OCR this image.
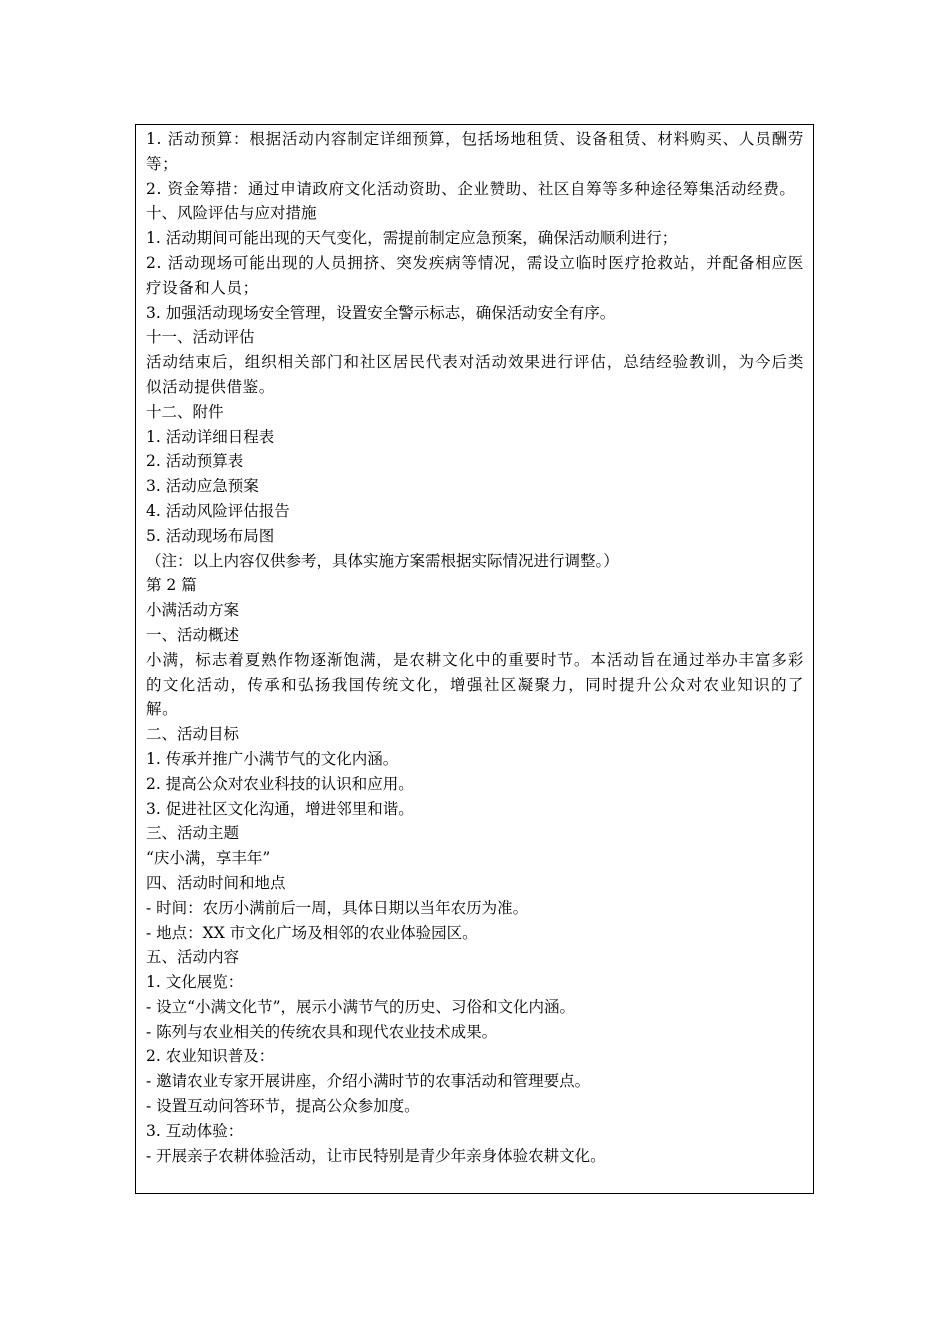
1. 活动预算：根据活动内容制定详细预算，包括场地租赁、设备租赁、材料购买、人员酬劳等；
2. 资金筹措：通过申请政府文化活动资助、企业赞助、社区自筹等多种途径筹集活动经费。
十、风险评估与应对措施
1. 活动期间可能出现的天气变化，需提前制定应急预案，确保活动顺利进行；
2. 活动现场可能出现的人员拥挤、突发疾病等情况，需设立临时医疗抢救站，并配备相应医疗设备和人员；
3. 加强活动现场安全管理，设置安全警示标志，确保活动安全有序。
十一、活动评估
活动结束后，组织相关部门和社区居民代表对活动效果进行评估，总结经验教训，为今后类似活动提供借鉴。
十二、附件
1. 活动详细日程表
2. 活动预算表
3. 活动应急预案
4. 活动风险评估报告
5. 活动现场布局图
（注：以上内容仅供参考，具体实施方案需根据实际情况进行调整。）
第 2 篇
小满活动方案
一、活动概述
小满，标志着夏熟作物逐渐饱满，是农耕文化中的重要时节。本活动旨在通过举办丰富多彩的文化活动，传承和弘扬我国传统文化，增强社区凝聚力，同时提升公众对农业知识的了解。
二、活动目标
1. 传承并推广小满节气的文化内涵。
2. 提高公众对农业科技的认识和应用。
3. 促进社区文化沟通，增进邻里和谐。
三、活动主题
“庆小满，享丰年”
四、活动时间和地点
- 时间：农历小满前后一周，具体日期以当年农历为准。
- 地点：XX 市文化广场及相邻的农业体验园区。
五、活动内容
1. 文化展览：
- 设立“小满文化节”，展示小满节气的历史、习俗和文化内涵。
- 陈列与农业相关的传统农具和现代农业技术成果。
2. 农业知识普及：
- 邀请农业专家开展讲座，介绍小满时节的农事活动和管理要点。
- 设置互动问答环节，提高公众参加度。
3. 互动体验：
- 开展亲子农耕体验活动，让市民特别是青少年亲身体验农耕文化。
